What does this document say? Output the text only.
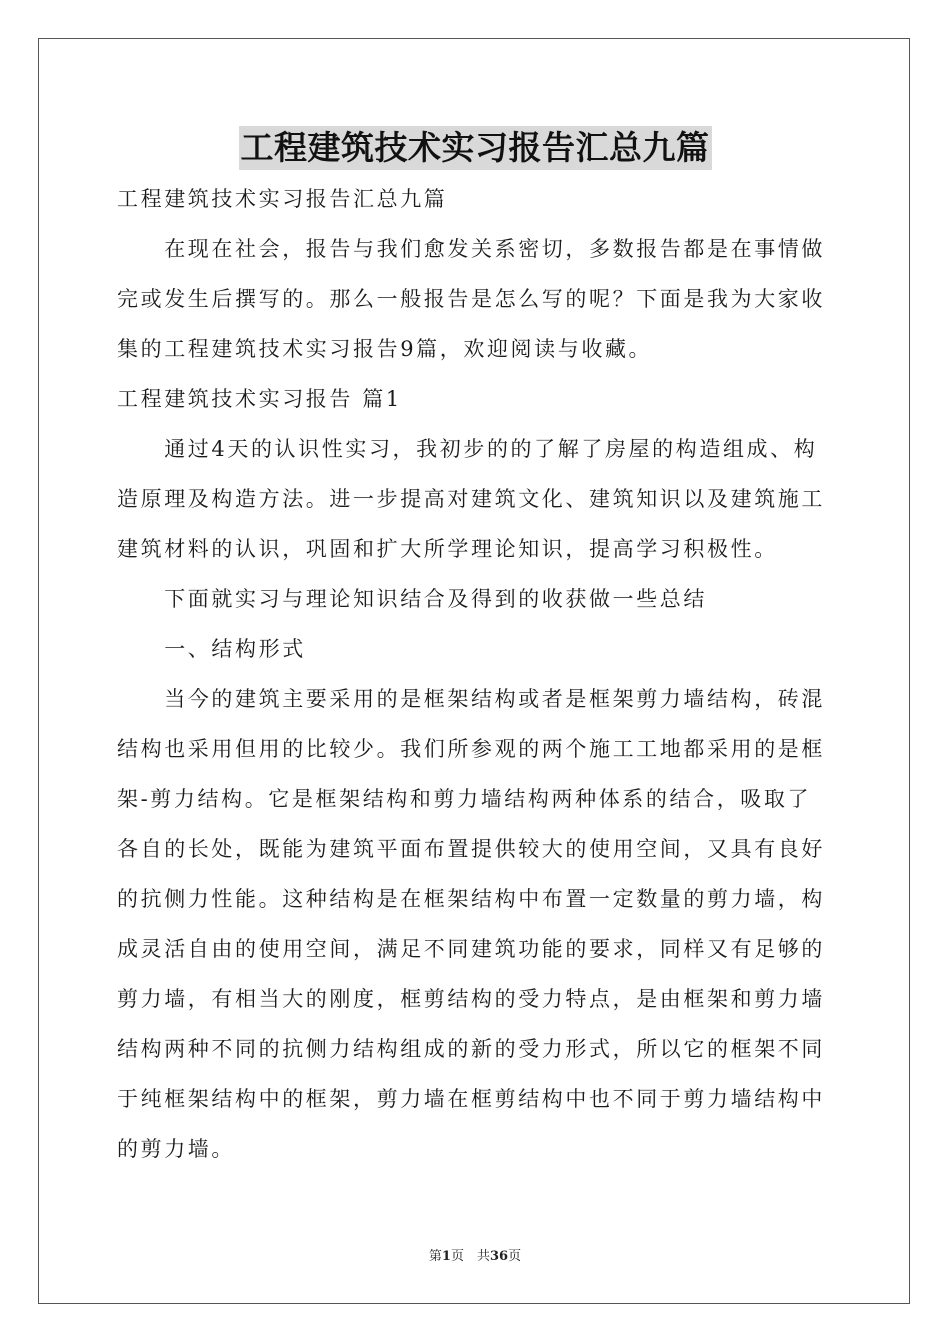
工程建筑技术实习报告汇总九篇
工程建筑技术实习报告汇总九篇
　　在现在社会，报告与我们愈发关系密切，多数报告都是在事情做
完或发生后撰写的。那么一般报告是怎么写的呢？下面是我为大家收
集的工程建筑技术实习报告9篇，欢迎阅读与收藏。
工程建筑技术实习报告 篇1
　　通过4天的认识性实习，我初步的的了解了房屋的构造组成、构
造原理及构造方法。进一步提高对建筑文化、建筑知识以及建筑施工
建筑材料的认识，巩固和扩大所学理论知识，提高学习积极性。
　　下面就实习与理论知识结合及得到的收获做一些总结
　　一、结构形式
　　当今的建筑主要采用的是框架结构或者是框架剪力墙结构，砖混
结构也采用但用的比较少。我们所参观的两个施工工地都采用的是框
架-剪力结构。它是框架结构和剪力墙结构两种体系的结合，吸取了
各自的长处，既能为建筑平面布置提供较大的使用空间，又具有良好
的抗侧力性能。这种结构是在框架结构中布置一定数量的剪力墙，构
成灵活自由的使用空间，满足不同建筑功能的要求，同样又有足够的
剪力墙，有相当大的刚度，框剪结构的受力特点，是由框架和剪力墙
结构两种不同的抗侧力结构组成的新的受力形式，所以它的框架不同
于纯框架结构中的框架，剪力墙在框剪结构中也不同于剪力墙结构中
的剪力墙。
第1页　共36页
